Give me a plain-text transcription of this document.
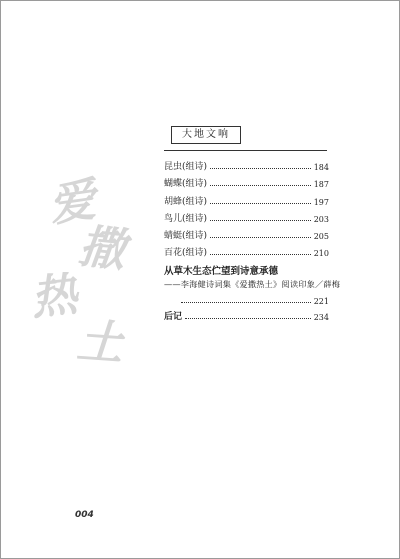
爱
撒
热
土
大地文响
昆虫(组诗)	184
蝴蝶(组诗)	187
胡蜂(组诗)	197
鸟儿(组诗)	203
蜻蜓(组诗)	205
百花(组诗)	210
从草木生态伫望到诗意承德
——李海健诗词集《爱撒热土》阅读印象／薛梅
221
后记	234
004
